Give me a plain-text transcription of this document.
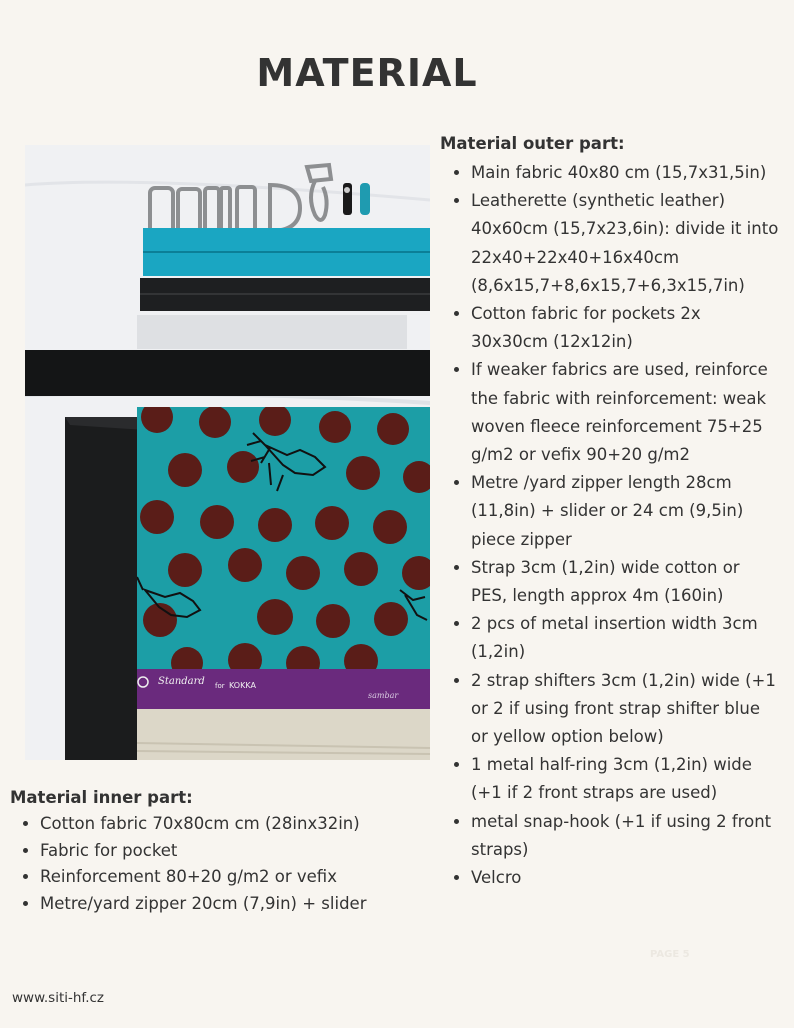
MATERIAL
Standard for KOKKA
sambar

Material outer part:

• Main fabric 40x80 cm (15,7x31,5in)
• Leatherette (synthetic leather) 40x60cm (15,7x23,6in): divide it into 22x40+22x40+16x40cm (8,6x15,7+8,6x15,7+6,3x15,7in)
• Cotton fabric for pockets 2x 30x30cm (12x12in)
• If weaker fabrics are used, reinforce the fabric with reinforcement: weak woven fleece reinforcement 75+25 g/m2 or vefix 90+20 g/m2
• Metre /yard zipper length 28cm (11,8in) + slider or 24 cm (9,5in) piece zipper
• Strap 3cm (1,2in) wide cotton or PES, length approx 4m (160in)
• 2 pcs of metal insertion width 3cm (1,2in)
• 2 strap shifters 3cm (1,2in) wide (+1 or 2 if using front strap shifter blue or yellow option below)
• 1 metal half-ring 3cm (1,2in) wide (+1 if 2 front straps are used)
• metal snap-hook (+1 if using 2 front straps)
• Velcro

Material inner part:

• Cotton fabric 70x80cm cm (28inx32in)
• Fabric for pocket
• Reinforcement 80+20 g/m2 or vefix
• Metre/yard zipper 20cm (7,9in) + slider
PAGE 5
www.siti-hf.cz
